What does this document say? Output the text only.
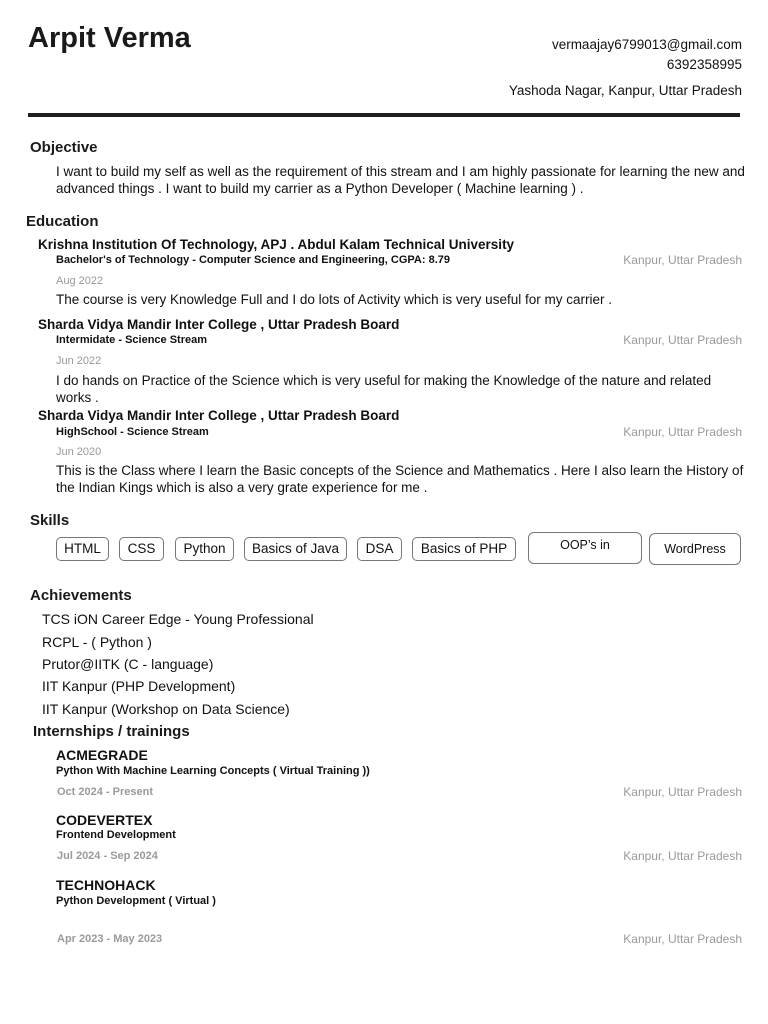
Arpit Verma	vermaajay6799013@gmail.com
6392358995
Yashoda Nagar, Kanpur, Uttar Pradesh
Objective
I want to build my self as well as the requirement of this stream and I am highly passionate for learning the new and advanced things . I want to build my carrier as a Python Developer ( Machine learning ) .
Education
Krishna Institution Of Technology, APJ . Abdul Kalam Technical University
Bachelor's of Technology - Computer Science and Engineering, CGPA: 8.79	Kanpur, Uttar Pradesh
Aug 2022
The course is very Knowledge Full and I do lots of Activity which is very useful for my carrier .
Sharda Vidya Mandir Inter College , Uttar Pradesh Board
Intermidate - Science Stream	Kanpur, Uttar Pradesh
Jun 2022
I do hands on Practice of the Science which is very useful for making the Knowledge of the nature and related works .
Sharda Vidya Mandir Inter College , Uttar Pradesh Board
HighSchool - Science Stream	Kanpur, Uttar Pradesh
Jun 2020
This is the Class where I learn the Basic concepts of the Science and Mathematics . Here I also learn the History of the Indian Kings which is also a very grate experience for me .
Skills
HTML	CSS	Python	Basics of Java	DSA	Basics of PHP	OOP’s in	WordPress
Achievements
TCS iON Career Edge - Young Professional
RCPL - ( Python )
Prutor@IITK (C - language)
IIT Kanpur (PHP Development)
IIT Kanpur (Workshop on Data Science)
Internships / trainings
ACMEGRADE
Python With Machine Learning Concepts ( Virtual Training ))
Oct 2024 - Present	Kanpur, Uttar Pradesh
CODEVERTEX
Frontend Development
Jul 2024 - Sep 2024	Kanpur, Uttar Pradesh
TECHNOHACK
Python Development ( Virtual )
Apr 2023 - May 2023	Kanpur, Uttar Pradesh
